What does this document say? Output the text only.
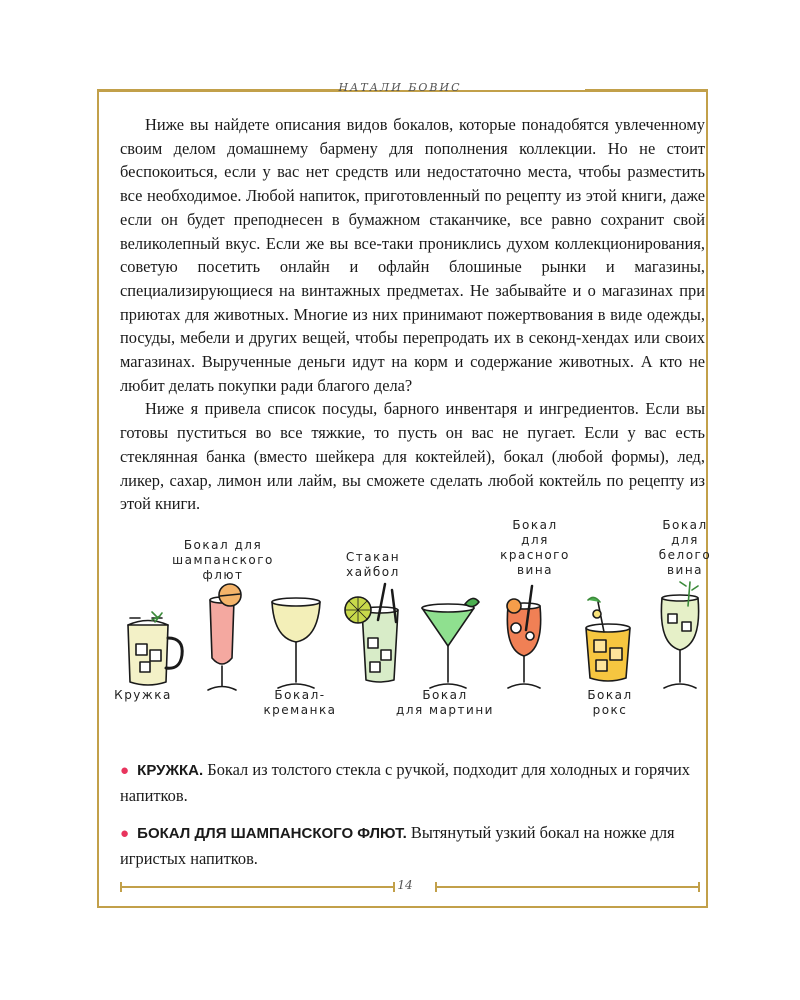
НАТАЛИ БОВИС

Ниже вы найдете описания видов бокалов, которые понадобятся увлеченному своим делом домашнему бармену для пополнения коллекции. Но не стоит беспокоиться, если у вас нет средств или недостаточно места, чтобы разместить все необходимое. Любой напиток, приготовленный по рецепту из этой книги, даже если он будет преподнесен в бумажном стаканчике, все равно сохранит свой великолепный вкус. Если же вы все-таки прониклись духом коллекционирования, советую посетить онлайн и офлайн блошиные рынки и магазины, специализирующиеся на винтажных предметах. Не забывайте и о магазинах при приютах для животных. Многие из них принимают пожертвования в виде одежды, посуды, мебели и других вещей, чтобы перепродать их в секонд-хендах или своих магазинах. Вырученные деньги идут на корм и содержание животных. А кто не любит делать покупки ради благого дела?

Ниже я привела список посуды, барного инвентаря и ингредиентов. Если вы готовы пуститься во все тяжкие, то пусть он вас не пугает. Если у вас есть стеклянная банка (вместо шейкера для коктейлей), бокал (любой формы), лед, ликер, сахар, лимон или лайм, вы сможете сделать любой коктейль по рецепту из этой книги.

Кружка
Бокал для
шампанского
флют
Бокал-
креманка
Стакан
хайбол
Бокал
для мартини
Бокал
для
красного
вина
Бокал
рокс
Бокал
для
белого
вина
● КРУЖКА. Бокал из толстого стекла с ручкой, подходит для холодных и горячих напитков.
● БОКАЛ ДЛЯ ШАМПАНСКОГО ФЛЮТ. Вытянутый узкий бокал на ножке для игристых напитков.
14
